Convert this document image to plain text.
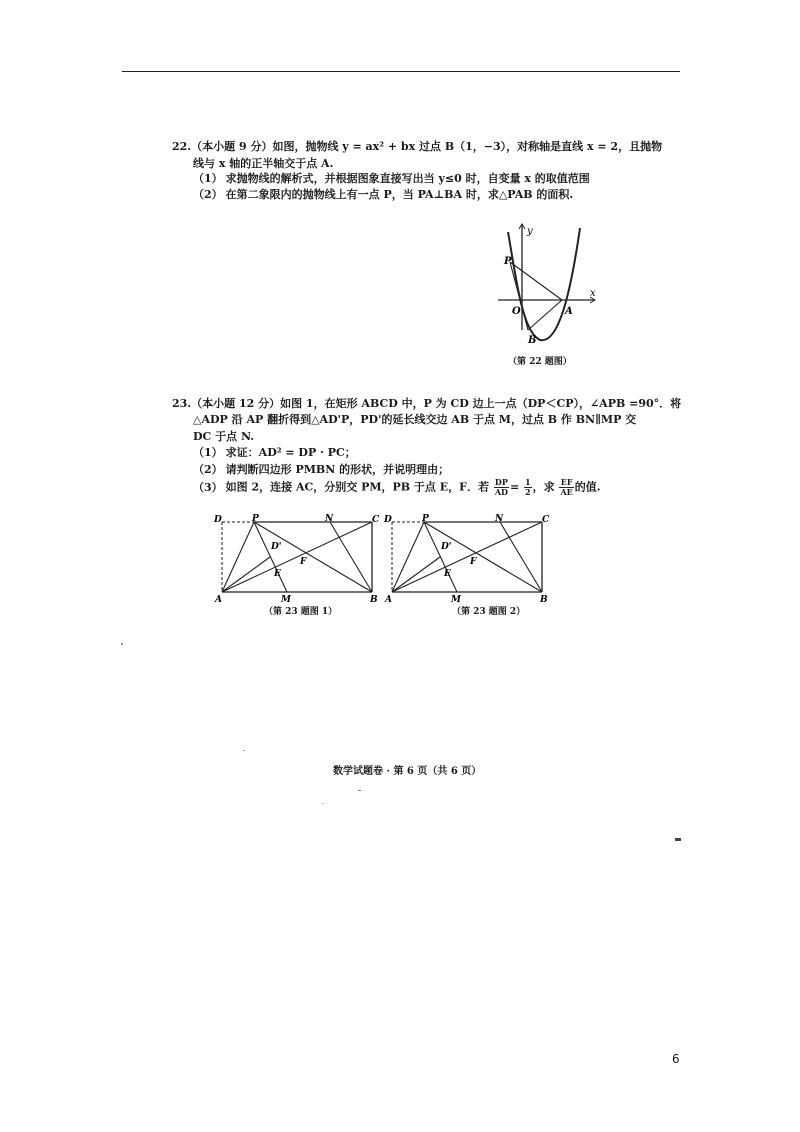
22.（本小题 9 分）如图，抛物线 y = ax² + bx 过点 B（1，−3），对称轴是直线 x = 2，且抛物
线与 x 轴的正半轴交于点 A.
（1） 求抛物线的解析式，并根据图象直接写出当 y≤0 时，自变量 x 的取值范围
（2） 在第二象限内的抛物线上有一点 P，当 PA⊥BA 时，求△PAB 的面积.
y
x
P
O	A
B
（第 22 题图）
23.（本小题 12 分）如图 1，在矩形 ABCD 中，P 为 CD 边上一点（DP＜CP），∠APB =90°．将
△ADP 沿 AP 翻折得到△AD'P，PD'的延长线交边 AB 于点 M，过点 B 作 BN∥MP 交
DC 于点 N.
（1） 求证：AD² = DP · PC；
（2） 请判断四边形 PMBN 的形状，并说明理由；
（3） 如图 2，连接 AC，分别交 PM，PB 于点 E，F．若 $\frac{DP}{AD} = \frac{1}{2}$ ，求 $\frac{EF}{AE}$ 的值.
D	P	N	C
D'
E
F
A	M	B
（第 23 题图 1）
D	P	N	C
D'
E
F
A	M	B
（第 23 题图 2）
数学试题卷 · 第 6 页（共 6 页）
6
